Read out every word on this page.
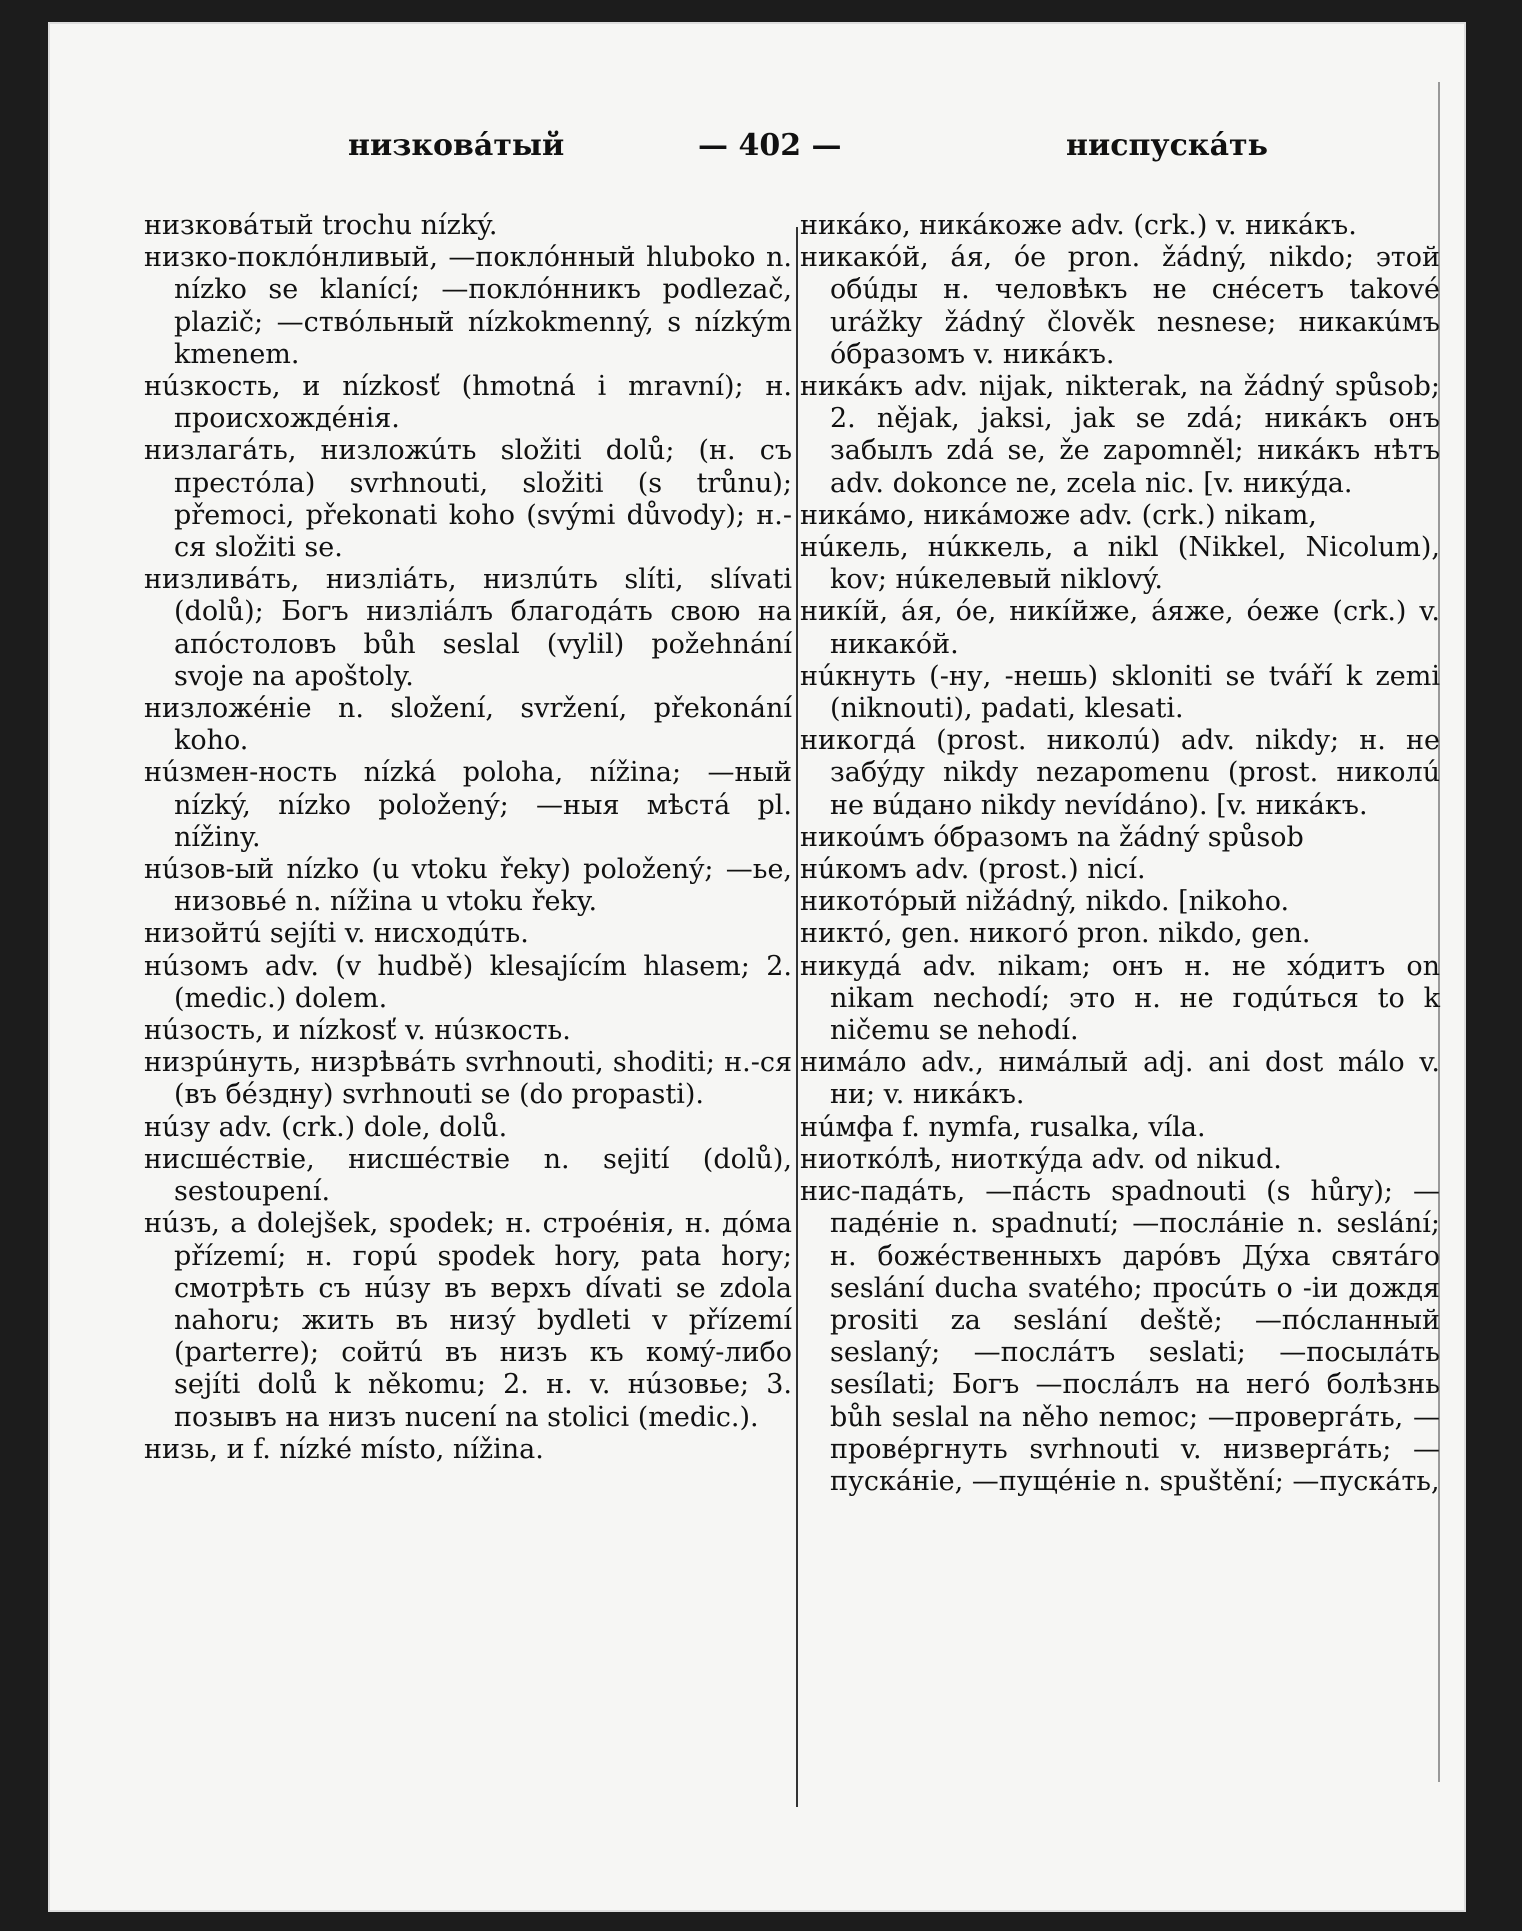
низковáтый	— 402 —	ниспускáть

низковáтый trochu nízký.

низко-поклóнливый, —поклóнный hluboko n. nízko se klanící; —поклóнникъ podlezač, plazič; —ствóльный nízkokmenný, s nízkým kmenem.

нúзкость, и nízkosť (hmotná i mravní); н. происхождéнія.

низлагáть, низложúть složiti dolů; (н. съ престóла) svrhnouti, složiti (s trůnu); přemoci, překonati koho (svými důvody); н.-ся složiti se.

низливáть, низлiáть, низлúть slíti, slívati (dolů); Богъ низлiáлъ благодáть свою на апóстоловъ bůh seslal (vylil) požehnání svoje na apoštoly.

низложéніе n. složení, svržení, překonání koho.

нúзмен-ность nízká poloha, nížina; —ный nízký, nízko položený; —ныя мѣстá pl. nížiny.

нúзов-ый nízko (u vtoku řeky) položený; —ье, низовьé n. nížina u vtoku řeky.

низойтú sejíti v. нисходúть.

нúзомъ adv. (v hudbě) klesajícím hlasem; 2. (medic.) dolem.

нúзость, и nízkosť v. нúзкость.

низрúнуть, низрѣвáть svrhnouti, shoditi; н.-ся (въ бéздну) svrhnouti se (do propasti).

нúзу adv. (crk.) dole, dolů.

нисшéствіе, нисшéствіе n. sejití (dolů), sestoupení.

нúзъ, a dolejšek, spodek; н. строéнія, н. дóма přízemí; н. горú spodek hory, pata hory; смотрѣть съ нúзу въ верхъ dívati se zdola nahoru; жить въ низý bydleti v přízemí (parterre); сойтú въ низъ къ комý-либо sejíti dolů k někomu; 2. н. v. нúзовье; 3. позывъ на низъ nucení na stolici (medic.).

низь, и f. nízké místo, nížina.

никáко, никáкоже adv. (crk.) v. никáкъ.

никакóй, áя, óе pron. žádný, nikdo; этой обúды н. человѣкъ не снéсетъ takové urážky žádný člověk nesnese; никакúмъ óбразомъ v. никáкъ.

никáкъ adv. nijak, nikterak, na žádný spůsob; 2. nějak, jaksi, jak se zdá; никáкъ онъ забылъ zdá se, že zapomněl; никáкъ нѣтъ adv. dokonce ne, zcela nic. [v. никýда.

никáмо, никáможе adv. (crk.) nikam,

нúкель, нúккель, a nikl (Nikkel, Nicolum), kov; нúкелевый niklový.

никíй, áя, óе, никíйже, áяже, óеже (crk.) v. никакóй.

нúкнуть (-ну, -нешь) skloniti se tváří k zemi (niknouti), padati, klesati.

никогдá (prost. николú) adv. nikdy; н. не забýду nikdy nezapomenu (prost. николú не вúдано nikdy nevídáno). [v. никáкъ.

никоúмъ óбразомъ na žádný spůsob

нúкомъ adv. (prost.) nicí.

никотóрый nižádný, nikdo. [nikoho.

никтó, gen. никогó pron. nikdo, gen.

никудá adv. nikam; онъ н. не хóдитъ on nikam nechodí; это н. не годúться to k ničemu se nehodí.

нимáло adv., нимáлый adj. ani dost málo v. ни; v. никáкъ.

нúмфа f. nymfa, rusalka, víla.

ниоткóлѣ, ниоткýда adv. od nikud.

нис-падáть, —пáсть spadnouti (s hůry); —падéніе n. spadnutí; —послáніе n. seslání; н. божéственныхъ дарóвъ Дýха святáго seslání ducha svatého; просúть о -іи дождя prositi za seslání deště; —пóсланный seslaný; —послáтъ seslati; —посылáть sesílati; Богъ —послáлъ на негó болѣзнь bůh seslal na něho nemoc; —провергáть, —провéргнуть svrhnouti v. низвергáть; —пускáніе, —пущéніе n. spuštění; —пускáть,
